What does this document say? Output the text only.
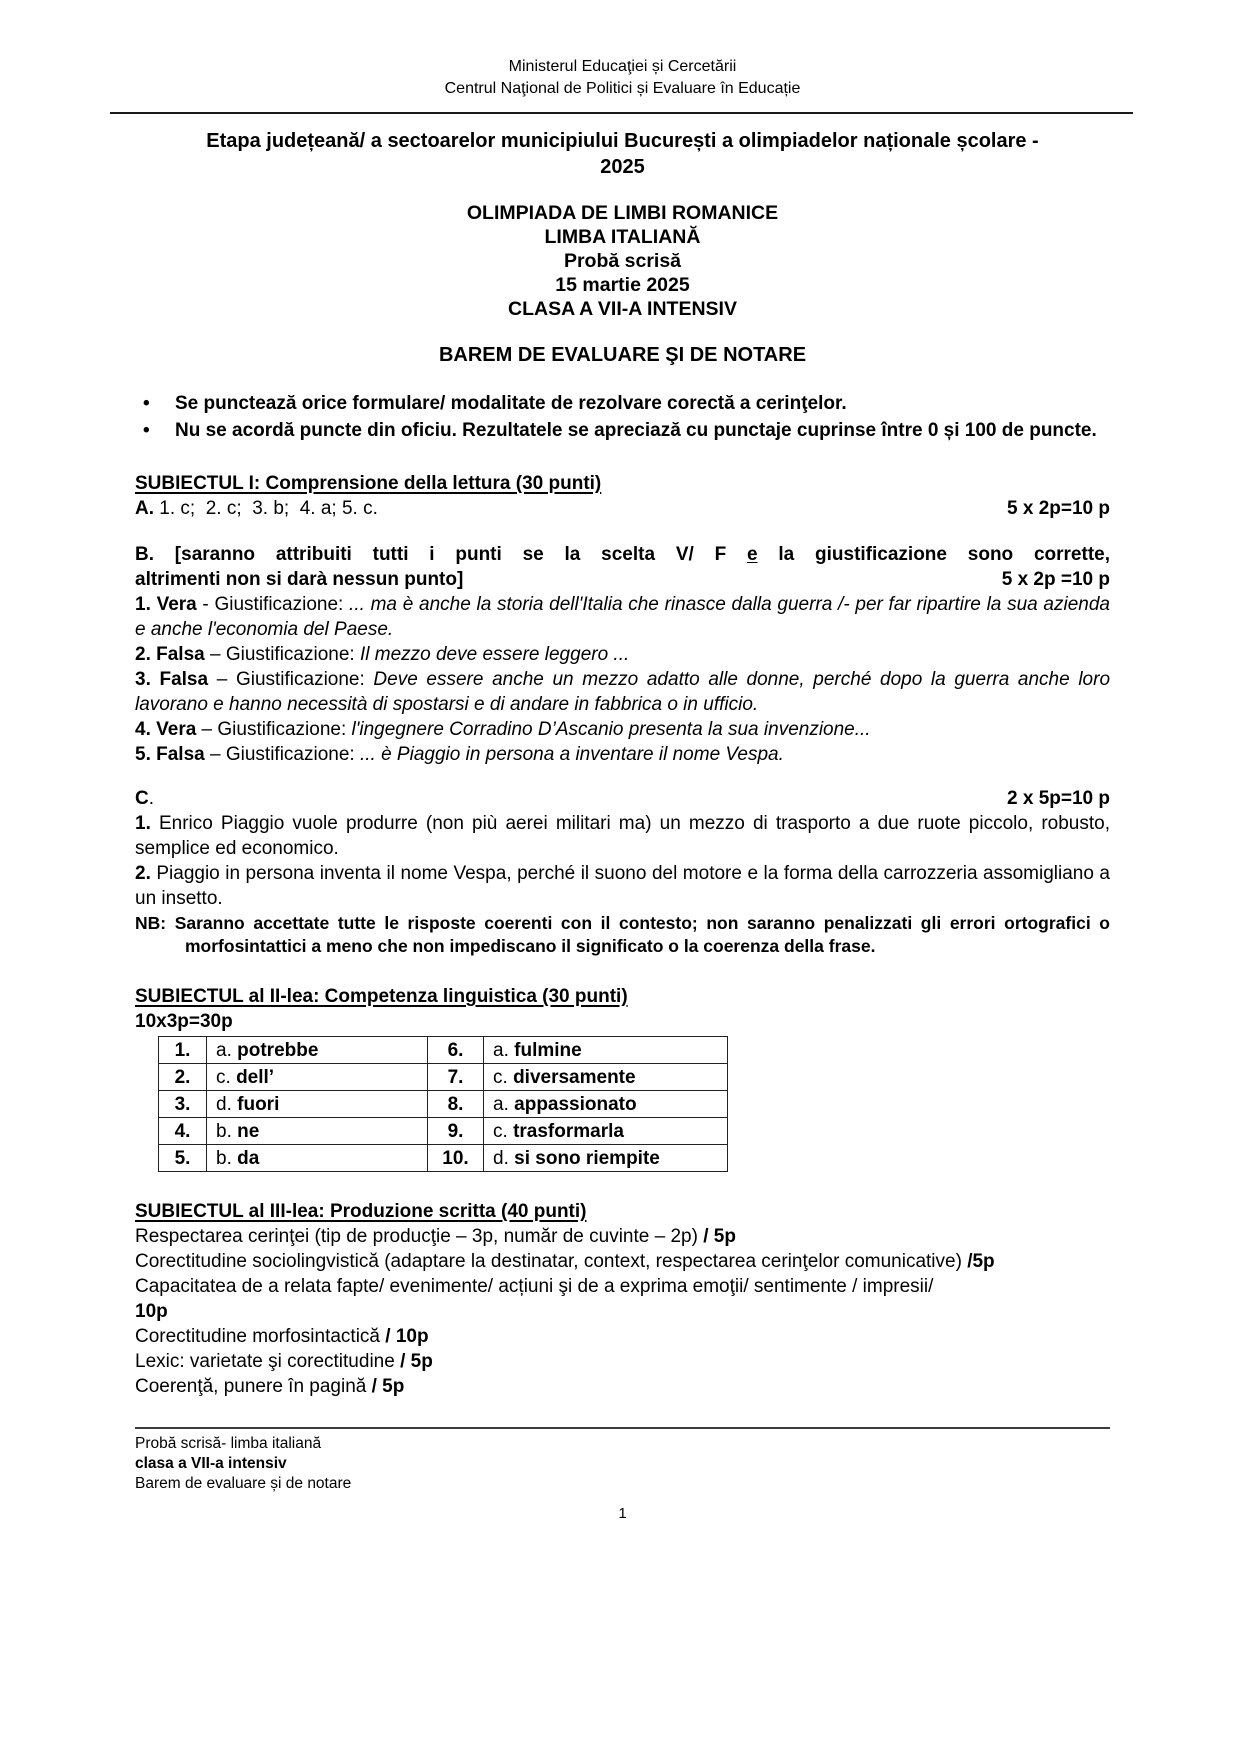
Ministerul Educaţiei și Cercetării
Centrul Naţional de Politici și Evaluare în Educație
Etapa județeană/ a sectoarelor municipiului București a olimpiadelor naționale școlare -
2025
OLIMPIADA DE LIMBI ROMANICE
LIMBA ITALIANĂ
Probă scrisă
15 martie 2025
CLASA A VII-A INTENSIV
BAREM DE EVALUARE ŞI DE NOTARE
• Se punctează orice formulare/ modalitate de rezolvare corectă a cerinţelor.
• Nu se acordă puncte din oficiu. Rezultatele se apreciază cu punctaje cuprinse între 0 și 100 de puncte.
SUBIECTUL I: Comprensione della lettura (30 punti)
A. 1. c;  2. c;  3. b;  4. a; 5. c.	5 x 2p=10 p
B. [saranno attribuiti tutti i punti se la scelta V/ F e la giustificazione sono corrette,
altrimenti non si darà nessun punto]	5 x 2p =10 p

1. Vera - Giustificazione: ... ma è anche la storia dell'Italia che rinasce dalla guerra /- per far ripartire la sua azienda e anche l'economia del Paese.

2. Falsa – Giustificazione: Il mezzo deve essere leggero ...

3. Falsa – Giustificazione: Deve essere anche un mezzo adatto alle donne, perché dopo la guerra anche loro lavorano e hanno necessità di spostarsi e di andare in fabbrica o in ufficio.

4. Vera – Giustificazione: l'ingegnere Corradino D’Ascanio presenta la sua invenzione...

5. Falsa – Giustificazione: ... è Piaggio in persona a inventare il nome Vespa.

C.	2 x 5p=10 p

1. Enrico Piaggio vuole produrre (non più aerei militari ma) un mezzo di trasporto a due ruote piccolo, robusto, semplice ed economico.

2. Piaggio in persona inventa il nome Vespa, perché il suono del motore e la forma della carrozzeria assomigliano a un insetto.

NB: Saranno accettate tutte le risposte coerenti con il contesto; non saranno penalizzati gli errori ortografici o morfosintattici a meno che non impediscano il significato o la coerenza della frase.

SUBIECTUL al II-lea: Competenza linguistica (30 punti)
10x3p=30p
1.	a. potrebbe	6.	a. fulmine
2.	c. dell’	7.	c. diversamente
3.	d. fuori	8.	a. appassionato
4.	b. ne	9.	c. trasformarla
5.	b. da	10.	d. si sono riempite
SUBIECTUL al III-lea: Produzione scritta (40 punti)

Respectarea cerinţei (tip de producţie – 3p, număr de cuvinte – 2p) / 5p

Corectitudine sociolingvistică (adaptare la destinatar, context, respectarea cerinţelor comunicative) /5p

Capacitatea de a relata fapte/ evenimente/ acțiuni şi de a exprima emoţii/ sentimente / impresii/

10p

Corectitudine morfosintactică / 10p

Lexic: varietate şi corectitudine / 5p

Coerenţă, punere în pagină / 5p

Probă scrisă- limba italiană
clasa a VII-a intensiv
Barem de evaluare și de notare
1
